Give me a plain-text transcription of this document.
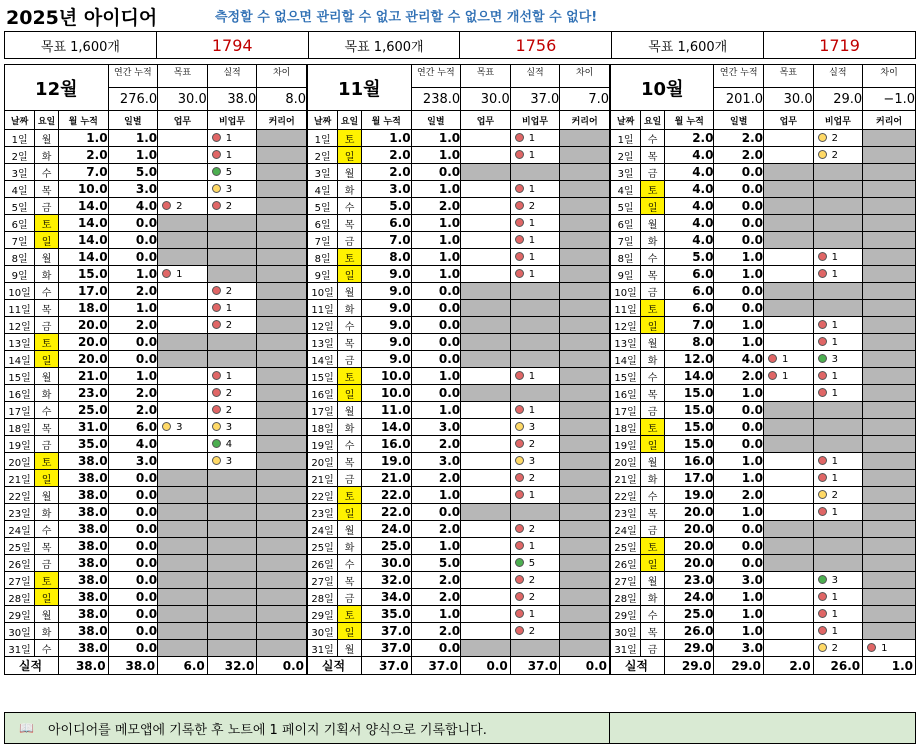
2025년 아이디어	측정할 수 없으면 관리할 수 없고 관리할 수 없으면 개선할 수 없다!
목표 1,600개	1794	목표 1,600개	1756	목표 1,600개	1719
12월			연간 누적	목표	실적	차이
			276.0	30.0	38.0	8.0
날짜	요일	월 누적	일별	업무	비업무	커리어
1일	월	1.0	1.0		1	
2일	화	2.0	1.0		1	
3일	수	7.0	5.0		5	
4일	목	10.0	3.0		3	
5일	금	14.0	4.0	2	2	
6일	토	14.0	0.0			
7일	일	14.0	0.0			
8일	월	14.0	0.0			
9일	화	15.0	1.0	1		
10일	수	17.0	2.0		2	
11일	목	18.0	1.0		1	
12일	금	20.0	2.0		2	
13일	토	20.0	0.0			
14일	일	20.0	0.0			
15일	월	21.0	1.0		1	
16일	화	23.0	2.0		2	
17일	수	25.0	2.0		2	
18일	목	31.0	6.0	3	3	
19일	금	35.0	4.0		4	
20일	토	38.0	3.0		3	
21일	일	38.0	0.0			
22일	월	38.0	0.0			
23일	화	38.0	0.0			
24일	수	38.0	0.0			
25일	목	38.0	0.0			
26일	금	38.0	0.0			
27일	토	38.0	0.0			
28일	일	38.0	0.0			
29일	월	38.0	0.0			
30일	화	38.0	0.0			
31일	수	38.0	0.0			
실적		38.0	38.0	6.0	32.0	0.0
11월			연간 누적	목표	실적	차이
			238.0	30.0	37.0	7.0
날짜	요일	월 누적	일별	업무	비업무	커리어
1일	토	1.0	1.0		1	
2일	일	2.0	1.0		1	
3일	월	2.0	0.0			
4일	화	3.0	1.0		1	
5일	수	5.0	2.0		2	
6일	목	6.0	1.0		1	
7일	금	7.0	1.0		1	
8일	토	8.0	1.0		1	
9일	일	9.0	1.0		1	
10일	월	9.0	0.0			
11일	화	9.0	0.0			
12일	수	9.0	0.0			
13일	목	9.0	0.0			
14일	금	9.0	0.0			
15일	토	10.0	1.0		1	
16일	일	10.0	0.0			
17일	월	11.0	1.0		1	
18일	화	14.0	3.0		3	
19일	수	16.0	2.0		2	
20일	목	19.0	3.0		3	
21일	금	21.0	2.0		2	
22일	토	22.0	1.0		1	
23일	일	22.0	0.0			
24일	월	24.0	2.0		2	
25일	화	25.0	1.0		1	
26일	수	30.0	5.0		5	
27일	목	32.0	2.0		2	
28일	금	34.0	2.0		2	
29일	토	35.0	1.0		1	
30일	일	37.0	2.0		2	
31일	월	37.0	0.0			
실적		37.0	37.0	0.0	37.0	0.0
10월			연간 누적	목표	실적	차이
			201.0	30.0	29.0	−1.0
날짜	요일	월 누적	일별	업무	비업무	커리어
1일	수	2.0	2.0		2	
2일	목	4.0	2.0		2	
3일	금	4.0	0.0			
4일	토	4.0	0.0			
5일	일	4.0	0.0			
6일	월	4.0	0.0			
7일	화	4.0	0.0			
8일	수	5.0	1.0		1	
9일	목	6.0	1.0		1	
10일	금	6.0	0.0			
11일	토	6.0	0.0			
12일	일	7.0	1.0		1	
13일	월	8.0	1.0		1	
14일	화	12.0	4.0	1	3	
15일	수	14.0	2.0	1	1	
16일	목	15.0	1.0		1	
17일	금	15.0	0.0			
18일	토	15.0	0.0			
19일	일	15.0	0.0			
20일	월	16.0	1.0		1	
21일	화	17.0	1.0		1	
22일	수	19.0	2.0		2	
23일	목	20.0	1.0		1	
24일	금	20.0	0.0			
25일	토	20.0	0.0			
26일	일	20.0	0.0			
27일	월	23.0	3.0		3	
28일	화	24.0	1.0		1	
29일	수	25.0	1.0		1	
30일	목	26.0	1.0		1	
31일	금	29.0	3.0		2	1
실적		29.0	29.0	2.0	26.0	1.0
📖 아이디어를 메모앱에 기록한 후 노트에 1 페이지 기획서 양식으로 기록합니다.
